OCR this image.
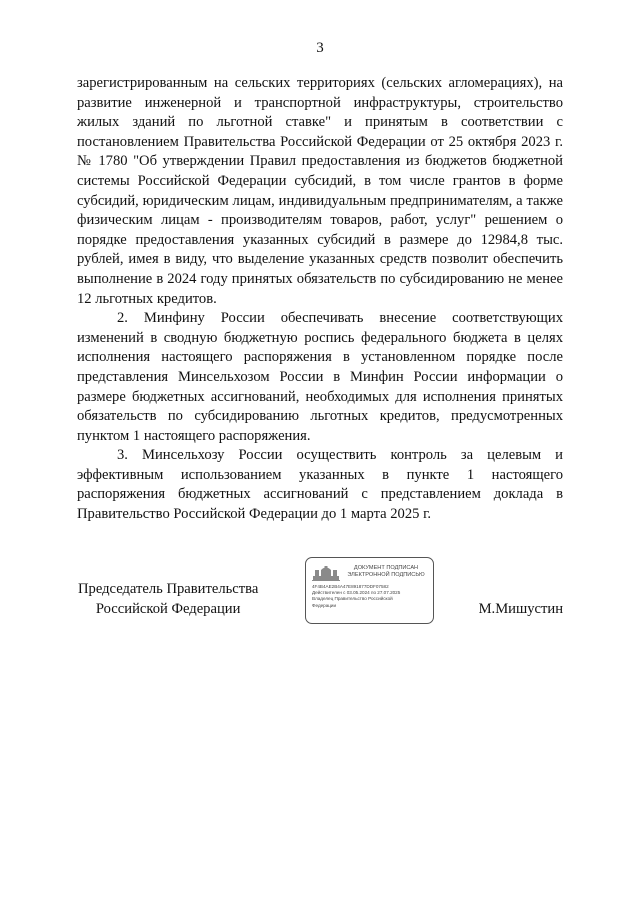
3

зарегистрированным на сельских территориях (сельских агломерациях), на развитие инженерной и транспортной инфраструктуры, строительство жилых зданий по льготной ставке" и принятым в соответствии с постановлением Правительства Российской Федерации от 25 октября 2023 г. № 1780 "Об утверждении Правил предоставления из бюджетов бюджетной системы Российской Федерации субсидий, в том числе грантов в форме субсидий, юридическим лицам, индивидуальным предпринимателям, а также физическим лицам - производителям товаров, работ, услуг" решением о порядке предоставления указанных субсидий в размере до 12984,8 тыс. рублей, имея в виду, что выделение указанных средств позволит обеспечить выполнение в 2024 году принятых обязательств по субсидированию не менее 12 льготных кредитов.

2. Минфину России обеспечивать внесение соответствующих изменений в сводную бюджетную роспись федерального бюджета в целях исполнения настоящего распоряжения в установленном порядке после представления Минсельхозом России в Минфин России информации о размере бюджетных ассигнований, необходимых для исполнения принятых обязательств по субсидированию льготных кредитов, предусмотренных пунктом 1 настоящего распоряжения.

3. Минсельхозу России осуществить контроль за целевым и эффективным использованием указанных в пункте 1 настоящего распоряжения бюджетных ассигнований с представлением доклада в Правительство Российской Федерации до 1 марта 2025 г.

Председатель Правительства
Российской Федерации
ДОКУМЕНТ ПОДПИСАН
ЭЛЕКТРОННОЙ ПОДПИСЬЮ
4F4B4AE2B4A47E891877DDF07582
Действителен с 03.05.2024 по 27.07.2025
Владелец Правительство Российской
Федерации	М.Мишустин
